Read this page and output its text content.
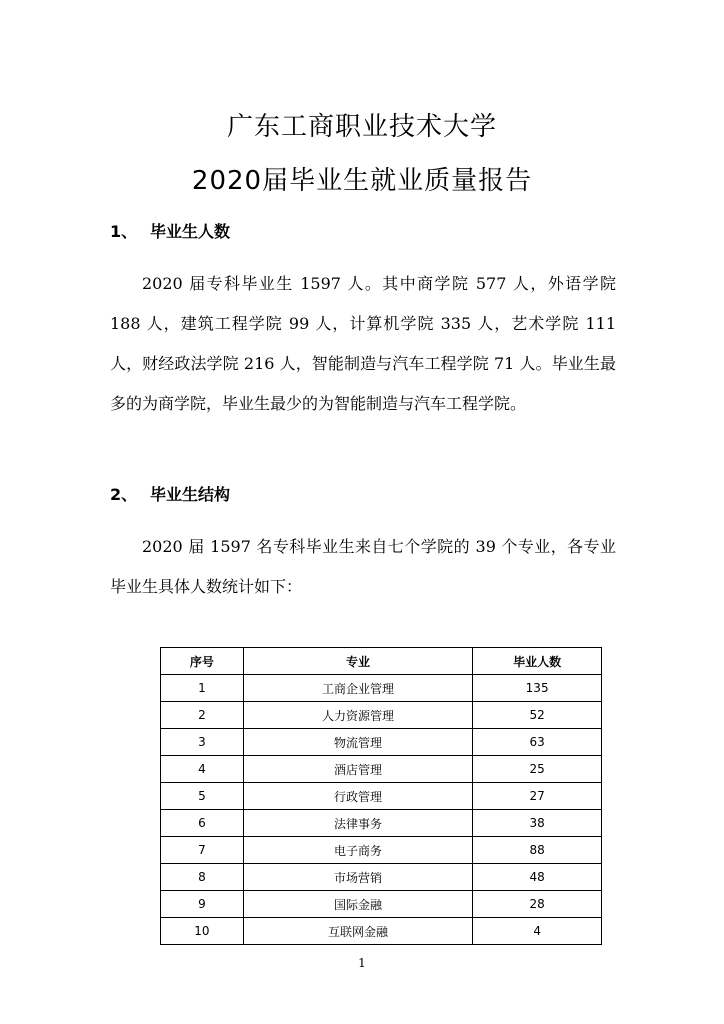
广东工商职业技术大学
2020届毕业生就业质量报告
1、 毕业生人数
2020 届专科毕业生 1597 人。其中商学院 577 人，外语学院 188 人，建筑工程学院 99 人，计算机学院 335 人，艺术学院 111 人，财经政法学院 216 人，智能制造与汽车工程学院 71 人。毕业生最多的为商学院，毕业生最少的为智能制造与汽车工程学院。
2、 毕业生结构
2020 届 1597 名专科毕业生来自七个学院的 39 个专业，各专业毕业生具体人数统计如下：
序号	专业	毕业人数
1	工商企业管理	135
2	人力资源管理	52
3	物流管理	63
4	酒店管理	25
5	行政管理	27
6	法律事务	38
7	电子商务	88
8	市场营销	48
9	国际金融	28
10	互联网金融	4
1
